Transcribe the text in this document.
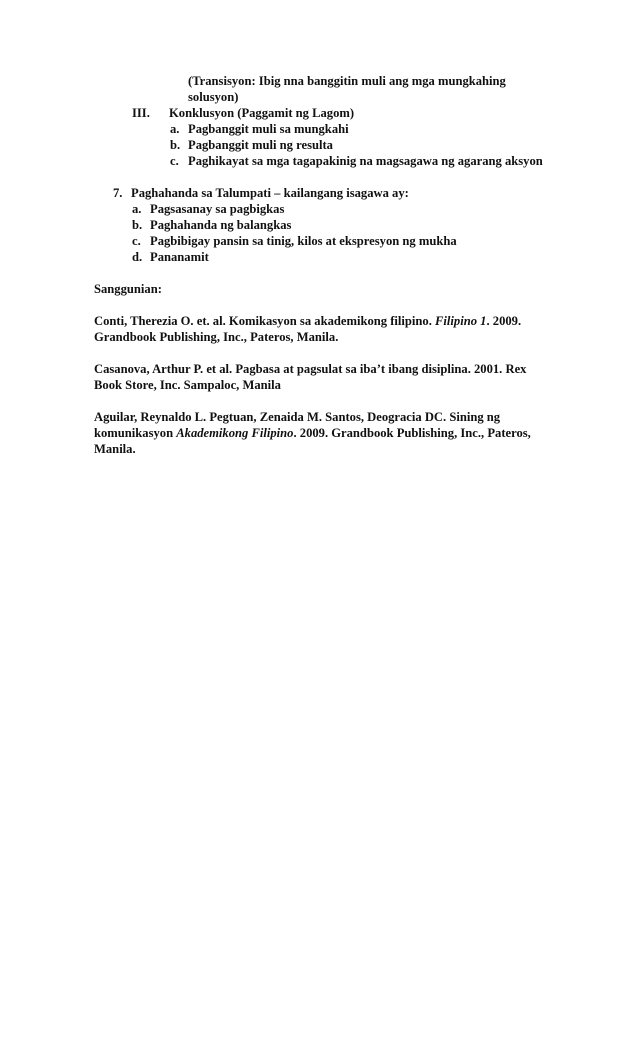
(Transisyon: Ibig nna banggitin muli ang mga mungkahing
solusyon)
III. Konklusyon (Paggamit ng Lagom)
a. Pagbanggit muli sa mungkahi
b. Pagbanggit muli ng resulta
c. Paghikayat sa mga tagapakinig na magsagawa ng agarang aksyon
7. Paghahanda sa Talumpati – kailangang isagawa ay:
a. Pagsasanay sa pagbigkas
b. Paghahanda ng balangkas
c. Pagbibigay pansin sa tinig, kilos at ekspresyon ng mukha
d. Pananamit
Sanggunian:
Conti, Therezia O. et. al. Komikasyon sa akademikong filipino. Filipino 1. 2009.
Grandbook Publishing, Inc., Pateros, Manila.
Casanova, Arthur P. et al. Pagbasa at pagsulat sa iba’t ibang disiplina. 2001. Rex
Book Store, Inc. Sampaloc, Manila
Aguilar, Reynaldo L. Pegtuan, Zenaida M. Santos, Deogracia DC. Sining ng
komunikasyon Akademikong Filipino. 2009. Grandbook Publishing, Inc., Pateros,
Manila.
